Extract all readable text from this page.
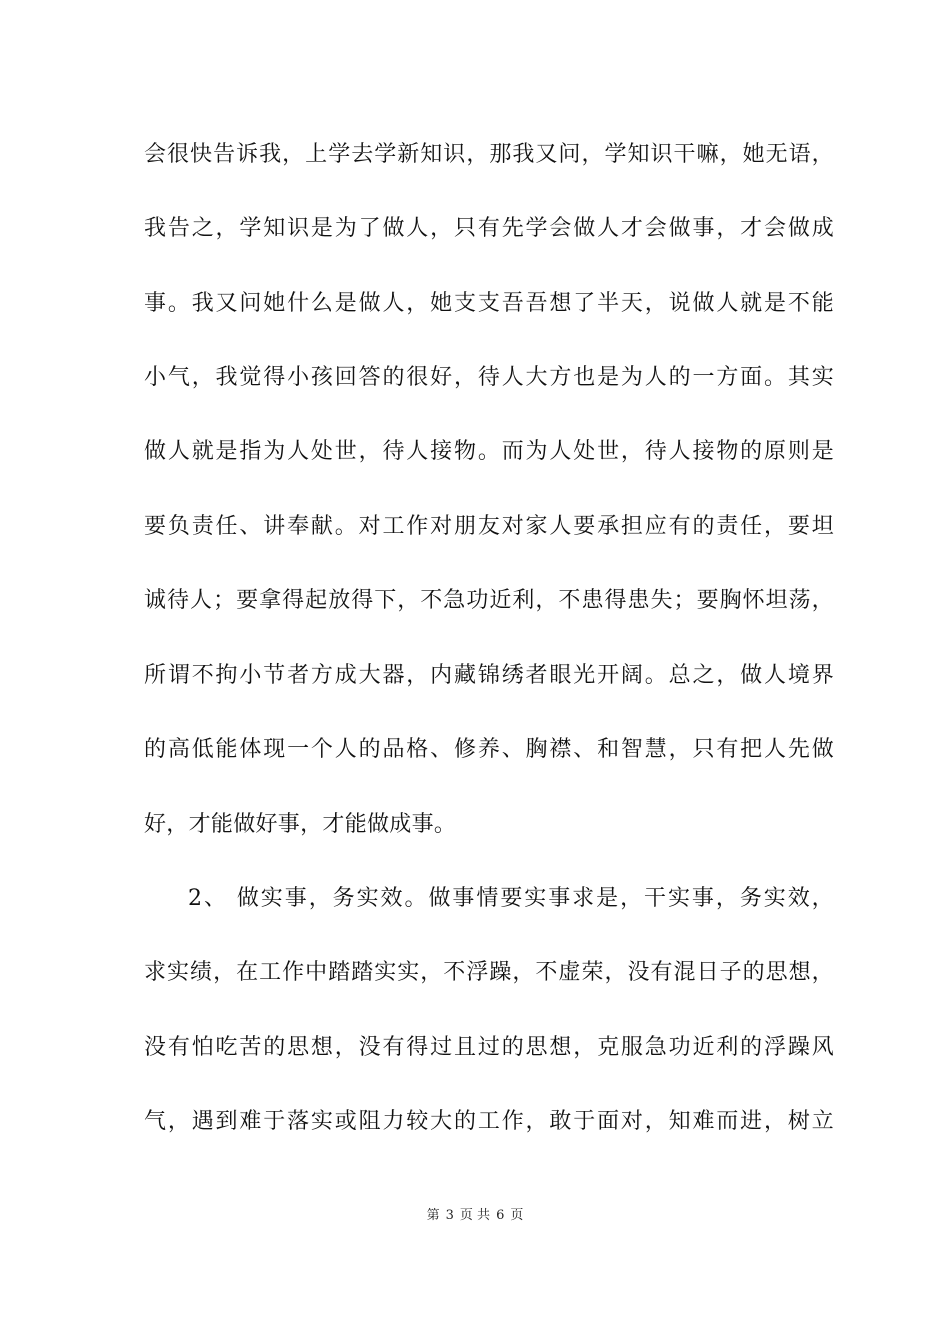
会很快告诉我，上学去学新知识，那我又问，学知识干嘛，她无语，
我告之，学知识是为了做人，只有先学会做人才会做事，才会做成
事。我又问她什么是做人，她支支吾吾想了半天，说做人就是不能
小气，我觉得小孩回答的很好，待人大方也是为人的一方面。其实
做人就是指为人处世，待人接物。而为人处世，待人接物的原则是
要负责任、讲奉献。对工作对朋友对家人要承担应有的责任，要坦
诚待人；要拿得起放得下，不急功近利，不患得患失；要胸怀坦荡，
所谓不拘小节者方成大器，内藏锦绣者眼光开阔。总之，做人境界
的高低能体现一个人的品格、修养、胸襟、和智慧，只有把人先做
好，才能做好事，才能做成事。
2、 做实事，务实效。做事情要实事求是，干实事，务实效，
求实绩，在工作中踏踏实实，不浮躁，不虚荣，没有混日子的思想，
没有怕吃苦的思想，没有得过且过的思想，克服急功近利的浮躁风
气，遇到难于落实或阻力较大的工作，敢于面对，知难而进，树立
第 3 页 共 6 页
